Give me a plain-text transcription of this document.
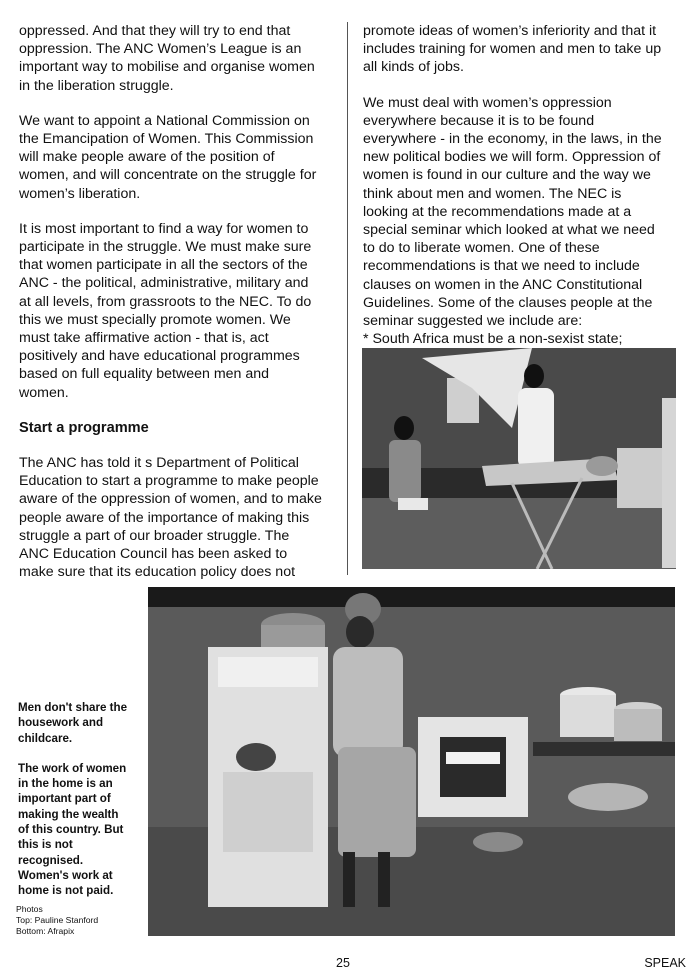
oppressed. And that they will try to end that
oppression. The ANC Women’s League is an
important way to mobilise and organise women
in the liberation struggle.

We want to appoint a National Commission on
the Emancipation of Women. This Commission
will make people aware of the position of
women, and will concentrate on the struggle for
women’s liberation.

It is most important to find a way for women to
participate in the struggle. We must make sure
that women participate in all the sectors of the
ANC - the political, administrative, military and
at all levels, from grassroots to the NEC. To do
this we must specially promote women. We
must take affirmative action - that is, act
positively and have educational programmes
based on full equality between men and
women.

Start a programme

The ANC has told it s Department of Political
Education to start a programme to make people
aware of the oppression of women, and to make
people aware of the importance of making this
struggle a part of our broader struggle. The
ANC Education Council has been asked to
make sure that its education policy does not

promote ideas of women’s inferiority and that it
includes training for women and men to take up
all kinds of jobs.

We must deal with women’s oppression
everywhere because it is to be found
everywhere - in the economy, in the laws, in the
new political bodies we will form. Oppression of
women is found in our culture and the way we
think about men and women. The NEC is
looking at the recommendations made at a
special seminar which looked at what we need
to do to liberate women. One of these
recommendations is that we need to include
clauses on women in the ANC Constitutional
Guidelines. Some of the clauses people at the
seminar suggested we include are:
* South Africa must be a non-sexist state;

Men don't share the
housework and
childcare.

The work of women
in the home is an
important part of
making the wealth
of this country. But
this is not
recognised.
Women's work at
home is not paid.

Photos
Top: Pauline Stanford
Bottom: Afrapix
25	SPEAK
